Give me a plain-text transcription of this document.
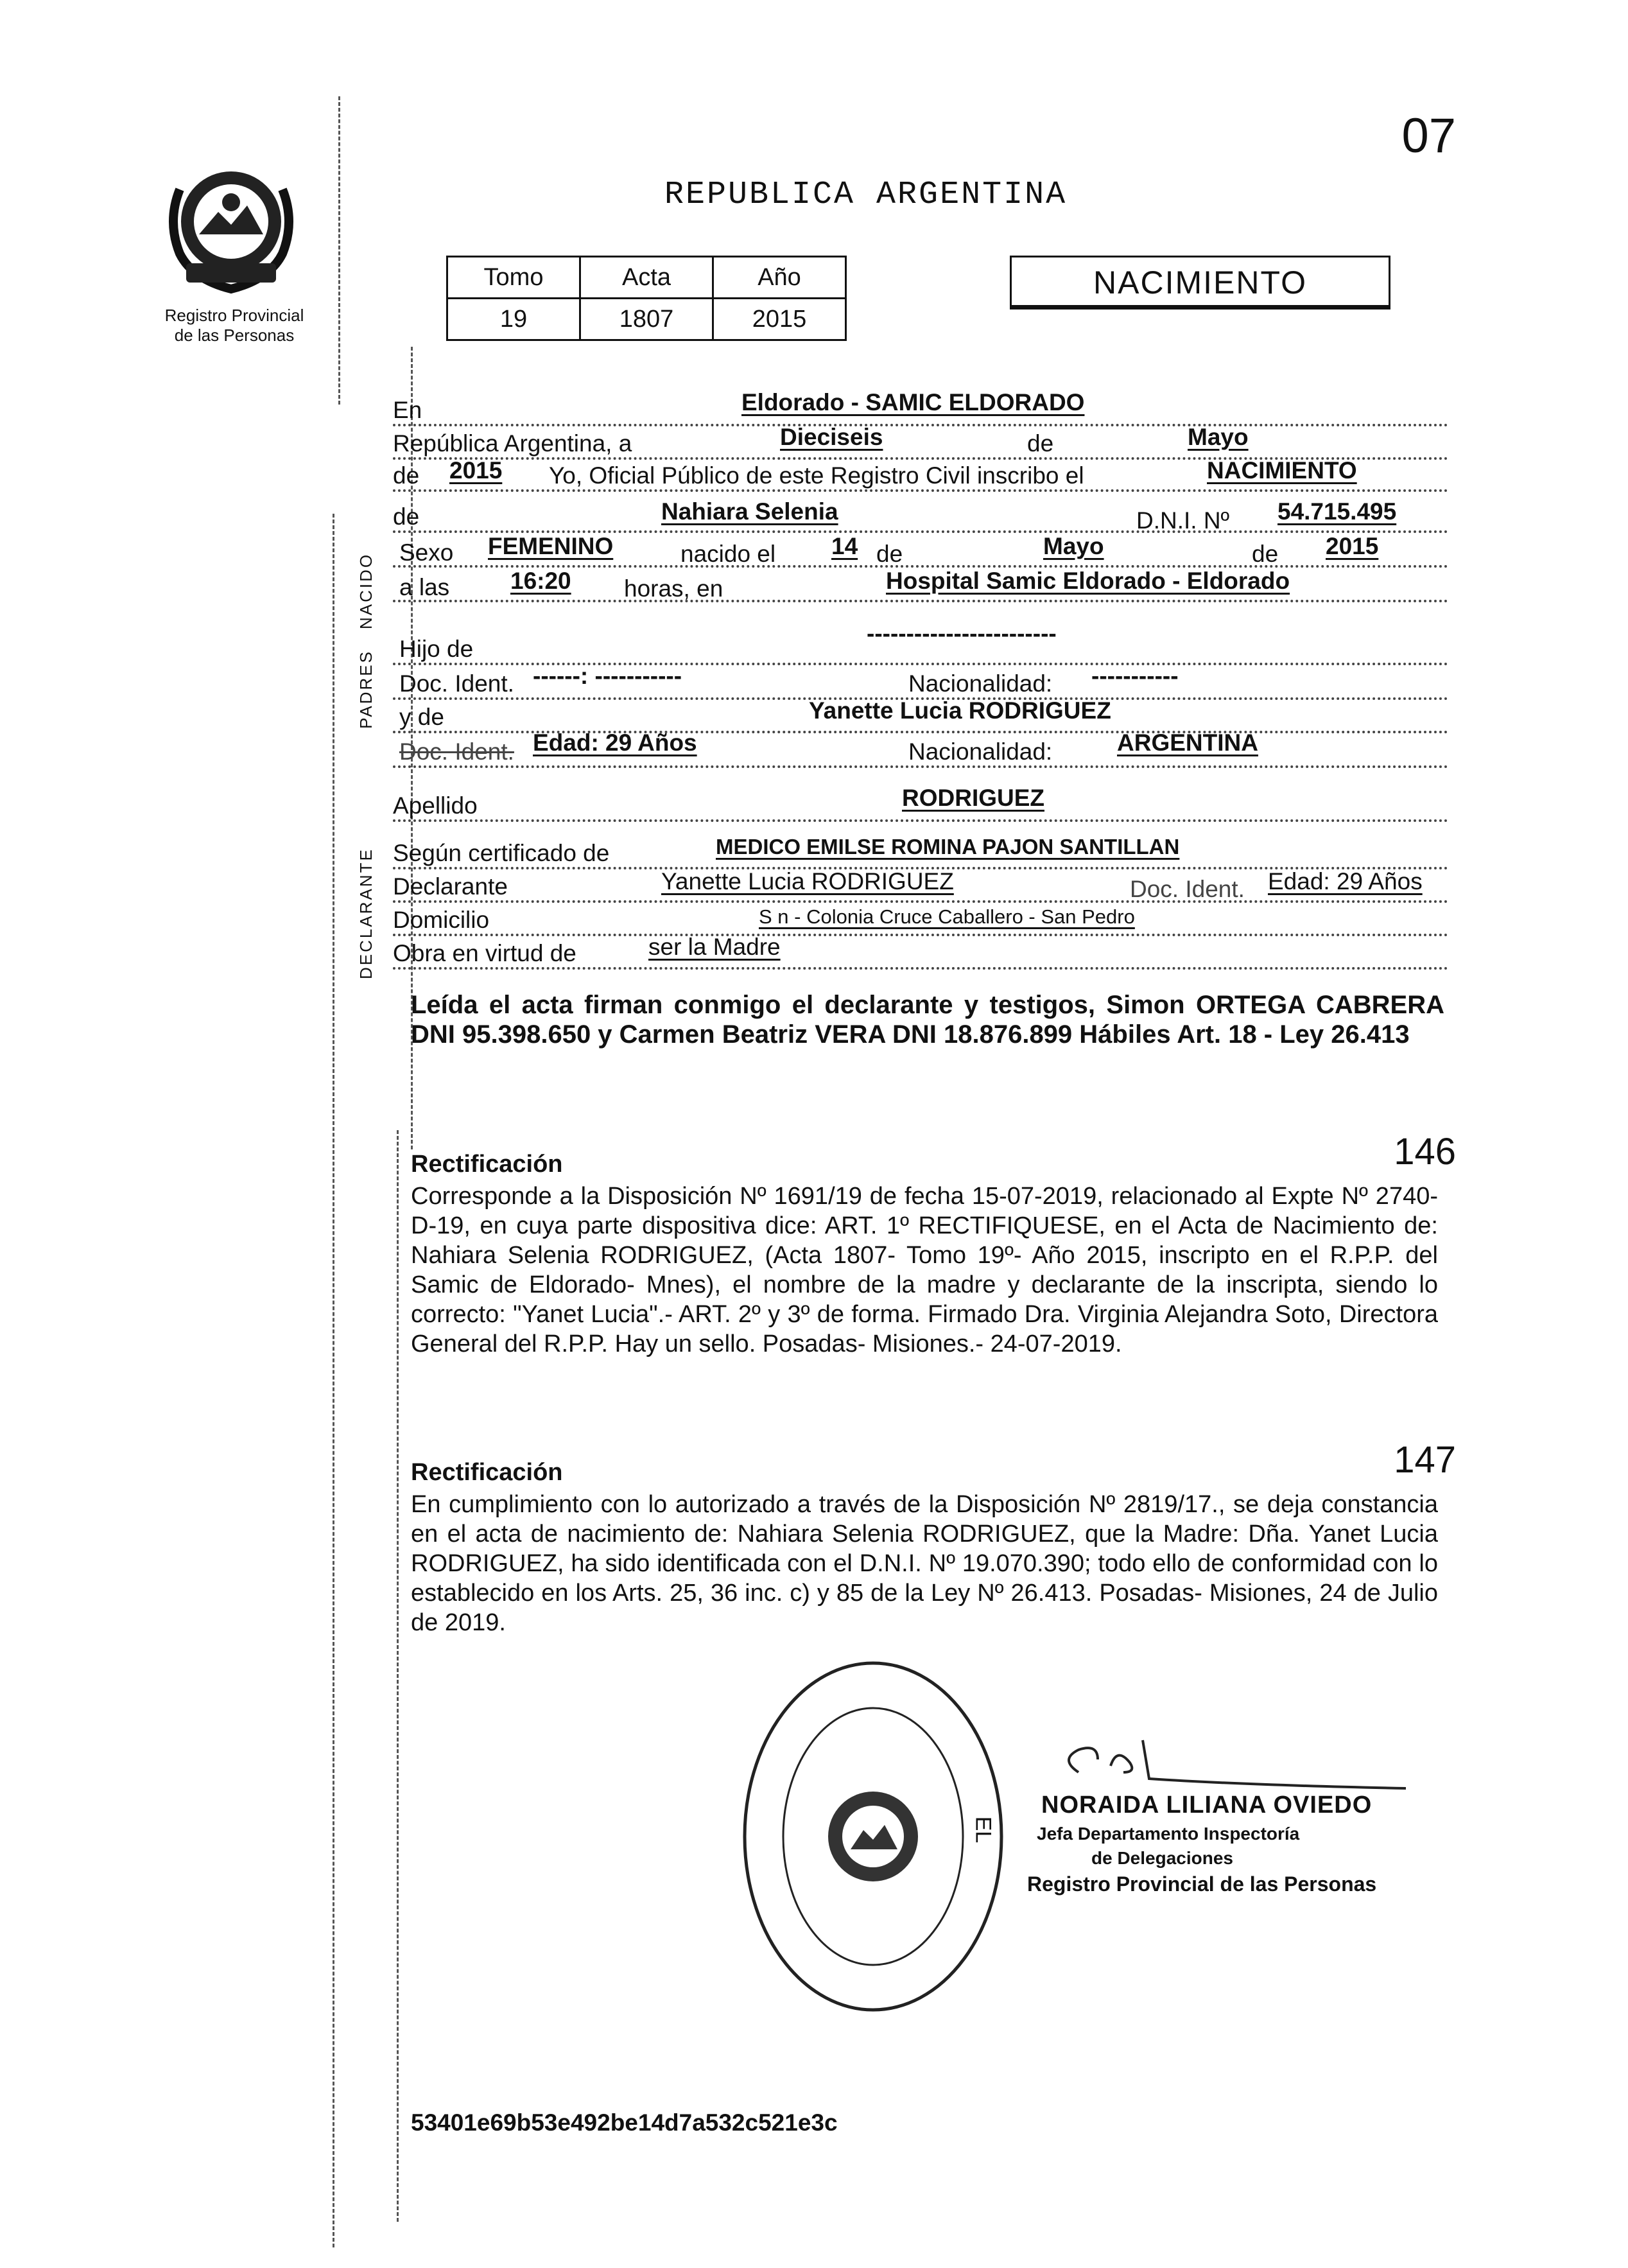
07
Registro Provincial
de las Personas
REPUBLICA ARGENTINA
Tomo	Acta	Año
19	1807	2015
NACIMIENTO
NACIDO
PADRES
DECLARANTE
En	Eldorado - SAMIC ELDORADO
República Argentina, a	Dieciseis	de	Mayo
de 2015 Yo, Oficial Público de este Registro Civil inscribo el	NACIMIENTO
de	Nahiara Selenia	D.N.I. Nº 54.715.495
Sexo FEMENINO	nacido el 14 de	Mayo	de 2015
a las	16:20 horas, en	Hospital Samic Eldorado - Eldorado
Hijo de
------------------------
Doc. Ident. ------: -----------	Nacionalidad: -----------
y de	Yanette Lucia RODRIGUEZ
Doc. Ident. Edad: 29 Años	Nacionalidad:	ARGENTINA
Apellido	RODRIGUEZ
Según certificado de	MEDICO EMILSE ROMINA PAJON SANTILLAN
Declarante	Yanette Lucia RODRIGUEZ	Doc. Ident. Edad: 29 Años
Domicilio	S n - Colonia Cruce Caballero - San Pedro
Obra en virtud de	ser la Madre
Leída el acta firman conmigo el declarante y testigos, Simon ORTEGA CABRERA DNI 95.398.650 y Carmen Beatriz VERA DNI 18.876.899 Hábiles Art. 18 - Ley 26.413
Rectificación	146
Corresponde a la Disposición Nº 1691/19 de fecha 15-07-2019, relacionado al Expte Nº 2740-D-19, en cuya parte dispositiva dice: ART. 1º RECTIFIQUESE, en el Acta de Nacimiento de: Nahiara Selenia RODRIGUEZ, (Acta 1807- Tomo 19º- Año 2015, inscripto en el R.P.P. del Samic de Eldorado- Mnes), el nombre de la madre y declarante de la inscripta, siendo lo correcto: "Yanet Lucia".- ART. 2º y 3º de forma. Firmado Dra. Virginia Alejandra Soto, Directora General del R.P.P. Hay un sello. Posadas- Misiones.- 24-07-2019.
Rectificación	147
En cumplimiento con lo autorizado a través de la Disposición Nº 2819/17., se deja constancia en el acta de nacimiento de: Nahiara Selenia RODRIGUEZ, que la Madre: Dña. Yanet Lucia RODRIGUEZ, ha sido identificada con el D.N.I. Nº 19.070.390; todo ello de conformidad con lo establecido en los Arts. 25, 36 inc. c) y 85 de la Ley Nº 26.413. Posadas- Misiones, 24 de Julio de 2019.
EL
NORAIDA LILIANA OVIEDO
Jefa Departamento Inspectoría
de Delegaciones
Registro Provincial de las Personas
53401e69b53e492be14d7a532c521e3c
